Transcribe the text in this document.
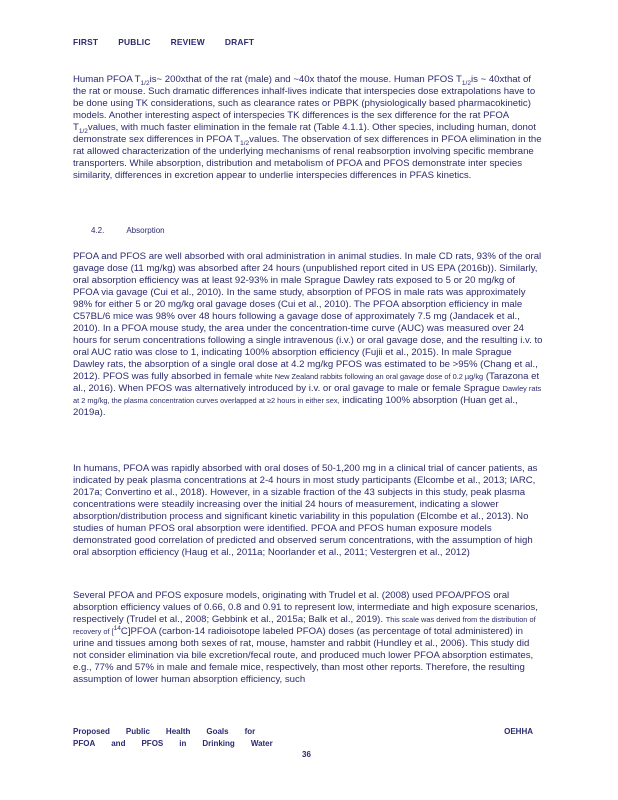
FIRST PUBLIC REVIEW DRAFT
Human PFOA $T_{1/2}is\sim$ 200xthat of the rat (male) and ~40x thatof the mouse. Human PFOS $T_{1/2}is$ ~ 40xthat of the rat or mouse. Such dramatic differences inhalf-lives indicate that interspecies dose extrapolations have to be done using TK considerations, such as clearance rates or PBPK (physiologically based pharmacokinetic) models. Another interesting aspect of interspecies TK differences is the sex difference for the rat PFOA $T_{1/2}values$, with much faster elimination in the female rat (Table 4.1.1). Other species, including human, donot demonstrate sex differences in PFOA $T_{1/2}values$. The observation of sex differences in PFOA elimination in the rat allowed characterization of the underlying mechanisms of renal reabsorption involving specific membrane transporters. While absorption, distribution and metabolism of PFOA and PFOS demonstrate inter species similarity, differences in excretion appear to underlie interspecies differences in PFAS kinetics.
4.2.	Absorption
PFOA and PFOS are well absorbed with oral administration in animal studies. In male CD rats, 93% of the oral gavage dose (11 mg/kg) was absorbed after 24 hours (unpublished report cited in US EPA (2016b)). Similarly, oral absorption efficiency was at least 92-93% in male Sprague Dawley rats exposed to 5 or 20 mg/kg of PFOA via gavage (Cui et al., 2010). In the same study, absorption of PFOS in male rats was approximately 98% for either 5 or 20 mg/kg oral gavage doses (Cui et al., 2010). The PFOA absorption efficiency in male C57BL/6 mice was 98% over 48 hours following a gavage dose of approximately 7.5 mg (Jandacek et al., 2010). In a PFOA mouse study, the area under the concentration-time curve (AUC) was measured over 24 hours for serum concentrations following a single intravenous (i.v.) or oral gavage dose, and the resulting i.v. to oral AUC ratio was close to 1, indicating 100% absorption efficiency (Fujii et al., 2015). In male Sprague Dawley rats, the absorption of a single oral dose at 4.2 mg/kg PFOS was estimated to be >95% (Chang et al., 2012). PFOS was fully absorbed in female white New Zealand rabbits following an oral gavage dose of 0.2 µg/kg (Tarazona et al., 2016). When PFOS was alternatively introduced by i.v. or oral gavage to male or female Sprague Dawley rats at 2 mg/kg, the plasma concentration curves overlapped at ≥2 hours in either sex, indicating 100% absorption (Huan get al., 2019a).
In humans, PFOA was rapidly absorbed with oral doses of 50-1,200 mg in a clinical trial of cancer patients, as indicated by peak plasma concentrations at 2-4 hours in most study participants (Elcombe et al., 2013; IARC, 2017a; Convertino et al., 2018). However, in a sizable fraction of the 43 subjects in this study, peak plasma concentrations were steadily increasing over the initial 24 hours of measurement, indicating a slower absorption/distribution process and significant kinetic variability in this population (Elcombe et al., 2013). No studies of human PFOS oral absorption were identified. PFOA and PFOS human exposure models demonstrated good correlation of predicted and observed serum concentrations, with the assumption of high oral absorption efficiency (Haug et al., 2011a; Noorlander et al., 2011; Vestergren et al., 2012)
Several PFOA and PFOS exposure models, originating with Trudel et al. (2008) used PFOA/PFOS oral absorption efficiency values of 0.66, 0.8 and 0.91 to represent low, intermediate and high exposure scenarios, respectively (Trudel et al., 2008; Gebbink et al., 2015a; Balk et al., 2019). This scale was derived from the distribution of recovery of [$^{14}$C]PFOA (carbon-14 radioisotope labeled PFOA) doses (as percentage of total administered) in urine and tissues among both sexes of rat, mouse, hamster and rabbit (Hundley et al., 2006). This study did not consider elimination via bile excretion/fecal route, and produced much lower PFOA absorption estimates, e.g., 77% and 57% in male and female mice, respectively, than most other reports. Therefore, the resulting assumption of lower human absorption efficiency, such
Proposed Public Health Goals for
PFOA and PFOS in Drinking Water
OEHHA
36
